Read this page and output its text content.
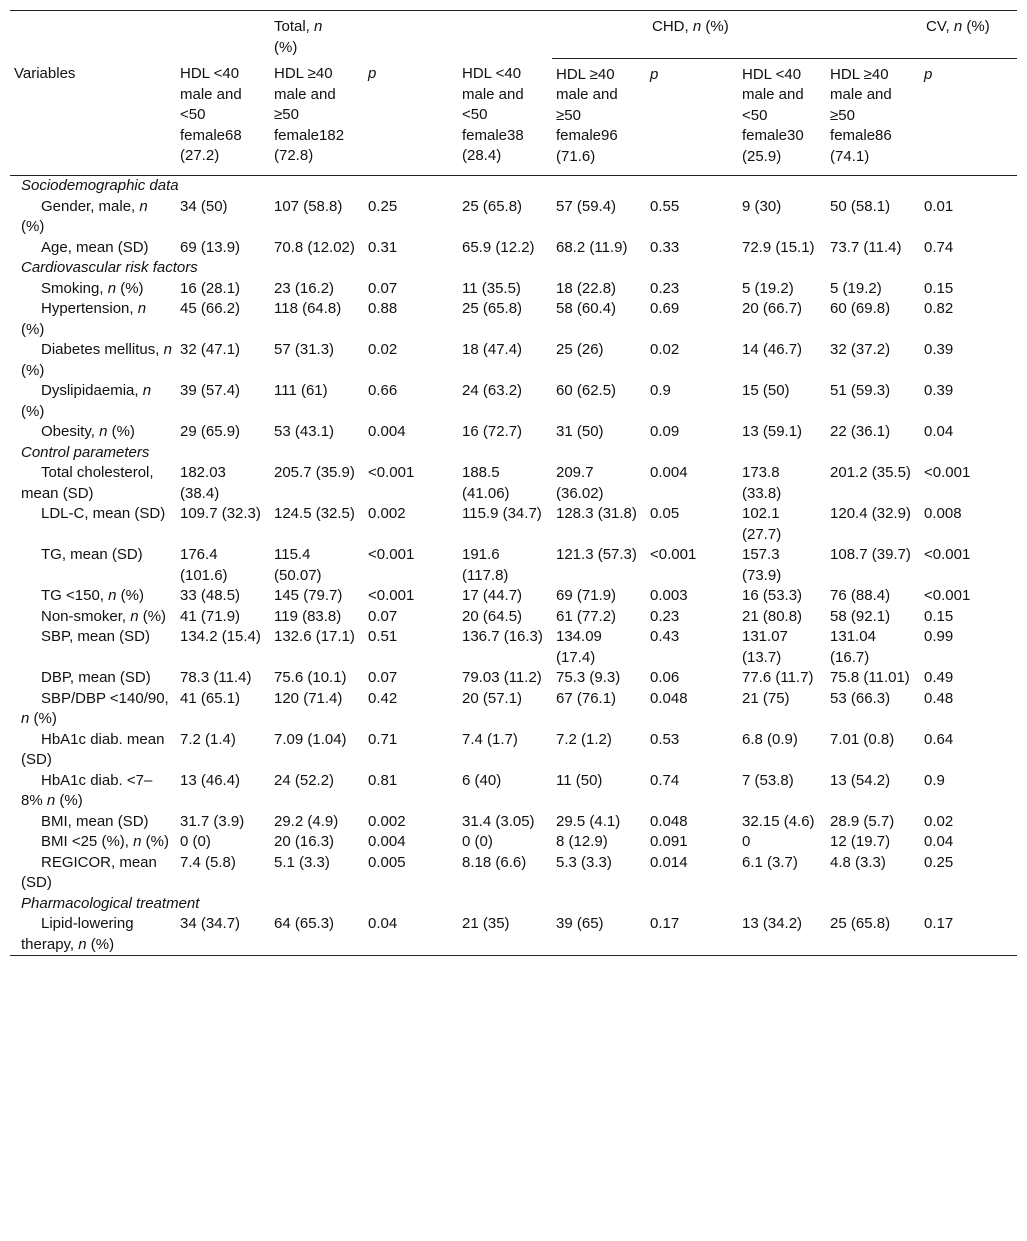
		Total, n
(%)			CHD, n (%)			CV, n (%)	
Variables	HDL <40 male and <50 female68 (27.2)	HDL ≥40 male and ≥50 female182 (72.8)	p	HDL <40 male and <50 female38 (28.4)	HDL ≥40 male and ≥50 female96 (71.6)	p	HDL <40 male and <50 female30 (25.9)	HDL ≥40 male and ≥50 female86 (74.1)	p
Sociodemographic data									
Gender, male, n (%)	34 (50)	107 (58.8)	0.25	25 (65.8)	57 (59.4)	0.55	9 (30)	50 (58.1)	0.01
Age, mean (SD)	69 (13.9)	70.8 (12.02)	0.31	65.9 (12.2)	68.2 (11.9)	0.33	72.9 (15.1)	73.7 (11.4)	0.74
Cardiovascular risk factors									
Smoking, n (%)	16 (28.1)	23 (16.2)	0.07	11 (35.5)	18 (22.8)	0.23	5 (19.2)	5 (19.2)	0.15
Hypertension, n (%)	45 (66.2)	118 (64.8)	0.88	25 (65.8)	58 (60.4)	0.69	20 (66.7)	60 (69.8)	0.82
Diabetes mellitus, n (%)	32 (47.1)	57 (31.3)	0.02	18 (47.4)	25 (26)	0.02	14 (46.7)	32 (37.2)	0.39
Dyslipidaemia, n (%)	39 (57.4)	111 (61)	0.66	24 (63.2)	60 (62.5)	0.9	15 (50)	51 (59.3)	0.39
Obesity, n (%)	29 (65.9)	53 (43.1)	0.004	16 (72.7)	31 (50)	0.09	13 (59.1)	22 (36.1)	0.04
Control parameters									
Total cholesterol, mean (SD)	182.03 (38.4)	205.7 (35.9)	<0.001	188.5 (41.06)	209.7 (36.02)	0.004	173.8 (33.8)	201.2 (35.5)	<0.001
LDL-C, mean (SD)	109.7 (32.3)	124.5 (32.5)	0.002	115.9 (34.7)	128.3 (31.8)	0.05	102.1 (27.7)	120.4 (32.9)	0.008
TG, mean (SD)	176.4 (101.6)	115.4 (50.07)	<0.001	191.6 (117.8)	121.3 (57.3)	<0.001	157.3 (73.9)	108.7 (39.7)	<0.001
TG <150, n (%)	33 (48.5)	145 (79.7)	<0.001	17 (44.7)	69 (71.9)	0.003	16 (53.3)	76 (88.4)	<0.001
Non-smoker, n (%)	41 (71.9)	119 (83.8)	0.07	20 (64.5)	61 (77.2)	0.23	21 (80.8)	58 (92.1)	0.15
SBP, mean (SD)	134.2 (15.4)	132.6 (17.1)	0.51	136.7 (16.3)	134.09 (17.4)	0.43	131.07 (13.7)	131.04 (16.7)	0.99
DBP, mean (SD)	78.3 (11.4)	75.6 (10.1)	0.07	79.03 (11.2)	75.3 (9.3)	0.06	77.6 (11.7)	75.8 (11.01)	0.49
SBP/DBP <140/90, n (%)	41 (65.1)	120 (71.4)	0.42	20 (57.1)	67 (76.1)	0.048	21 (75)	53 (66.3)	0.48
HbA1c diab. mean (SD)	7.2 (1.4)	7.09 (1.04)	0.71	7.4 (1.7)	7.2 (1.2)	0.53	6.8 (0.9)	7.01 (0.8)	0.64
HbA1c diab. <7–8% n (%)	13 (46.4)	24 (52.2)	0.81	6 (40)	11 (50)	0.74	7 (53.8)	13 (54.2)	0.9
BMI, mean (SD)	31.7 (3.9)	29.2 (4.9)	0.002	31.4 (3.05)	29.5 (4.1)	0.048	32.15 (4.6)	28.9 (5.7)	0.02
BMI <25 (%), n (%)	0 (0)	20 (16.3)	0.004	0 (0)	8 (12.9)	0.091	0	12 (19.7)	0.04
REGICOR, mean (SD)	7.4 (5.8)	5.1 (3.3)	0.005	8.18 (6.6)	5.3 (3.3)	0.014	6.1 (3.7)	4.8 (3.3)	0.25
Pharmacological treatment									
Lipid-lowering therapy, n (%)	34 (34.7)	64 (65.3)	0.04	21 (35)	39 (65)	0.17	13 (34.2)	25 (65.8)	0.17
